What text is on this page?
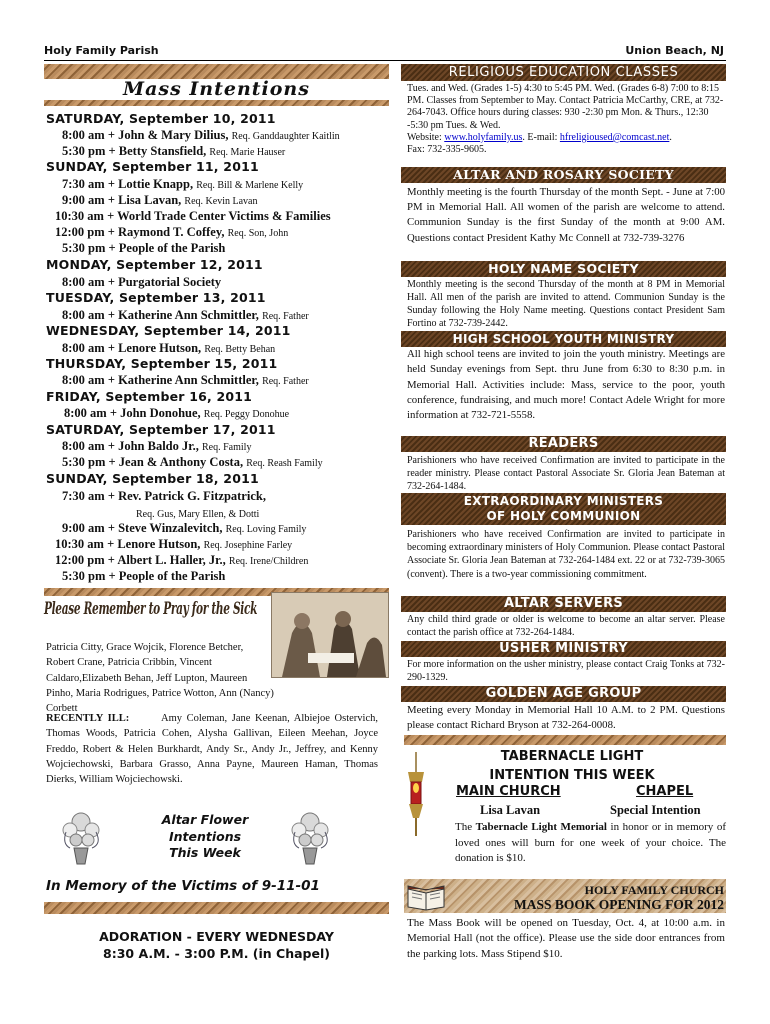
Holy Family Parish	Union Beach, NJ
Mass Intentions
SATURDAY, September 10, 2011
8:00 am + John & Mary Dilius, Req. Ganddaughter Kaitlin
5:30 pm + Betty Stansfield, Req. Marie Hauser
SUNDAY, September 11, 2011
7:30 am + Lottie Knapp, Req. Bill & Marlene Kelly
9:00 am + Lisa Lavan, Req. Kevin Lavan
10:30 am + World Trade Center Victims & Families
12:00 pm + Raymond T. Coffey, Req. Son, John
5:30 pm + People of the Parish
MONDAY, September 12, 2011
8:00 am + Purgatorial Society
TUESDAY, September 13, 2011
8:00 am + Katherine Ann Schmittler, Req. Father
WEDNESDAY, September 14, 2011
8:00 am + Lenore Hutson, Req. Betty Behan
THURSDAY, September 15, 2011
8:00 am + Katherine Ann Schmittler, Req. Father
FRIDAY, September 16, 2011
8:00 am + John Donohue, Req. Peggy Donohue
SATURDAY, September 17, 2011
8:00 am + John Baldo Jr., Req. Family
5:30 pm + Jean & Anthony Costa, Req. Reash Family
SUNDAY, September 18, 2011
7:30 am + Rev. Patrick G. Fitzpatrick,
Req. Gus, Mary Ellen, & Dotti
9:00 am + Steve Winzalevitch, Req. Loving Family
10:30 am + Lenore Hutson, Req. Josephine Farley
12:00 pm + Albert L. Haller, Jr., Req. Irene/Children
5:30 pm + People of the Parish
Please Remember to Pray for the Sick
Patricia Citty, Grace Wojcik, Florence Betcher, Robert Crane, Patricia Cribbin, Vincent Caldaro,Elizabeth Behan, Jeff Lupton, Maureen Pinho, Maria Rodrigues, Patrice Wotton, Ann (Nancy) Corbett
RECENTLY ILL:	Amy Coleman, Jane Keenan, Albiejoe Ostervich, Thomas Woods, Patricia Cohen, Alysha Gallivan, Eileen Meehan, Joyce Freddo, Robert & Helen Burkhardt, Andy Sr., Andy Jr., Jeffrey, and Kenny Wojciechowski, Barbara Grasso, Anna Payne, Maureen Haman, Thomas Dierks, William Wojciechowski.
Altar Flower
Intentions
This Week
In Memory of the Victims of 9-11-01
ADORATION - EVERY WEDNESDAY
8:30 A.M. - 3:00 P.M. (in Chapel)
RELIGIOUS EDUCATION CLASSES
Tues. and Wed. (Grades 1-5) 4:30 to 5:45 PM. Wed. (Grades 6-8) 7:00 to 8:15 PM. Classes from September to May. Contact Patricia McCarthy, CRE, at 732-264-7043. Office hours during classes: 930 -2:30 pm Mon. & Thurs., 12:30 -5:30 pm Tues. & Wed.
Website: www.holyfamily.us. E-mail: hfreligioused@comcast.net.
Fax: 732-335-9605.
ALTAR AND ROSARY SOCIETY
Monthly meeting is the fourth Thursday of the month Sept. - June at 7:00 PM in Memorial Hall. All women of the parish are welcome to attend. Communion Sunday is the first Sunday of the month at 9:00 AM. Questions contact President Kathy Mc Connell at 732-739-3276
HOLY NAME SOCIETY
Monthly meeting is the second Thursday of the month at 8 PM in Memorial Hall. All men of the parish are invited to attend. Communion Sunday is the Sunday following the Holy Name meeting. Questions contact President Sam Fortino at 732-739-2442.
HIGH SCHOOL YOUTH MINISTRY
All high school teens are invited to join the youth ministry. Meetings are held Sunday evenings from Sept. thru June from 6:30 to 8:30 p.m. in Memorial Hall. Activities include: Mass, service to the poor, youth conference, fundraising, and much more! Contact Adele Wright for more information at 732-721-5558.
READERS
Parishioners who have received Confirmation are invited to participate in the reader ministry. Please contact Pastoral Associate Sr. Gloria Jean Bateman at 732-264-1484.
EXTRAORDINARY MINISTERS
OF HOLY COMMUNION
Parishioners who have received Confirmation are invited to participate in becoming extraordinary ministers of Holy Communion. Please contact Pastoral Associate Sr. Gloria Jean Bateman at 732-264-1484 ext. 22 or at 732-739-3065 (convent). There is a two-year commissioning commitment.
ALTAR SERVERS
Any child third grade or older is welcome to become an altar server. Please contact the parish office at 732-264-1484.
USHER MINISTRY
For more information on the usher ministry, please contact Craig Tonks at 732-290-1329.
GOLDEN AGE GROUP
Meeting every Monday in Memorial Hall 10 A.M. to 2 PM. Questions please contact Richard Bryson at 732-264-0008.
TABERNACLE LIGHT
INTENTION THIS WEEK
MAIN CHURCH	CHAPEL
Lisa Lavan	Special Intention
The Tabernacle Light Memorial in honor or in memory of loved ones will burn for one week of your choice. The donation is $10.
HOLY FAMILY CHURCH
MASS BOOK OPENING FOR 2012
The Mass Book will be opened on Tuesday, Oct. 4, at 10:00 a.m. in Memorial Hall (not the office). Please use the side door entrances from the parking lots. Mass Stipend $10.
